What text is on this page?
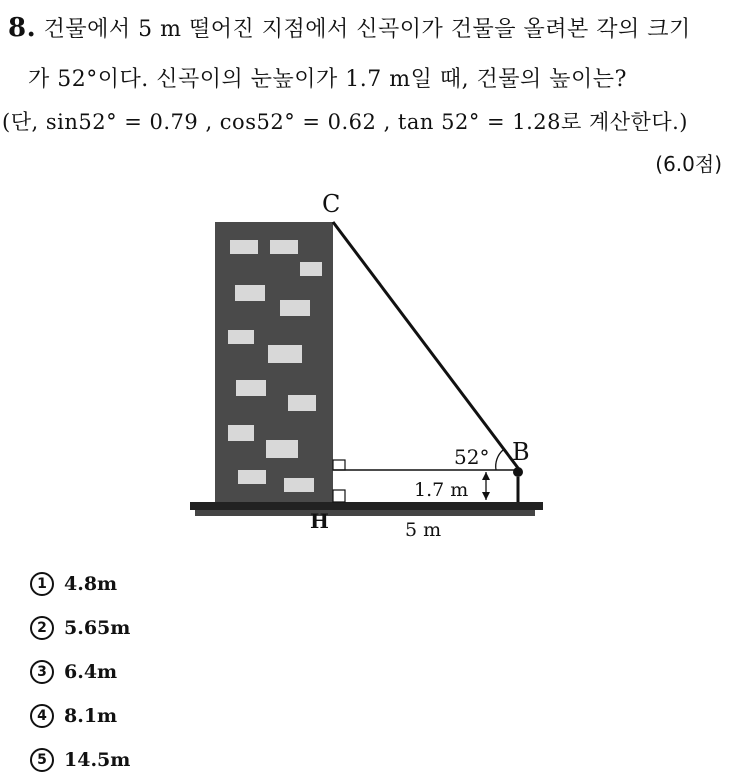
8. 건물에서 5 m 떨어진 지점에서 신곡이가 건물을 올려본 각의 크기
가 52°이다. 신곡이의 눈높이가 1.7 m일 때, 건물의 높이는?
(단, sin52° = 0.79 , cos52° = 0.62 , tan 52° = 1.28로 계산한다.)
(6.0점)
C
B
H
52°
1.7 m
5 m
1 4.8m
2 5.65m
3 6.4m
4 8.1m
5 14.5m
